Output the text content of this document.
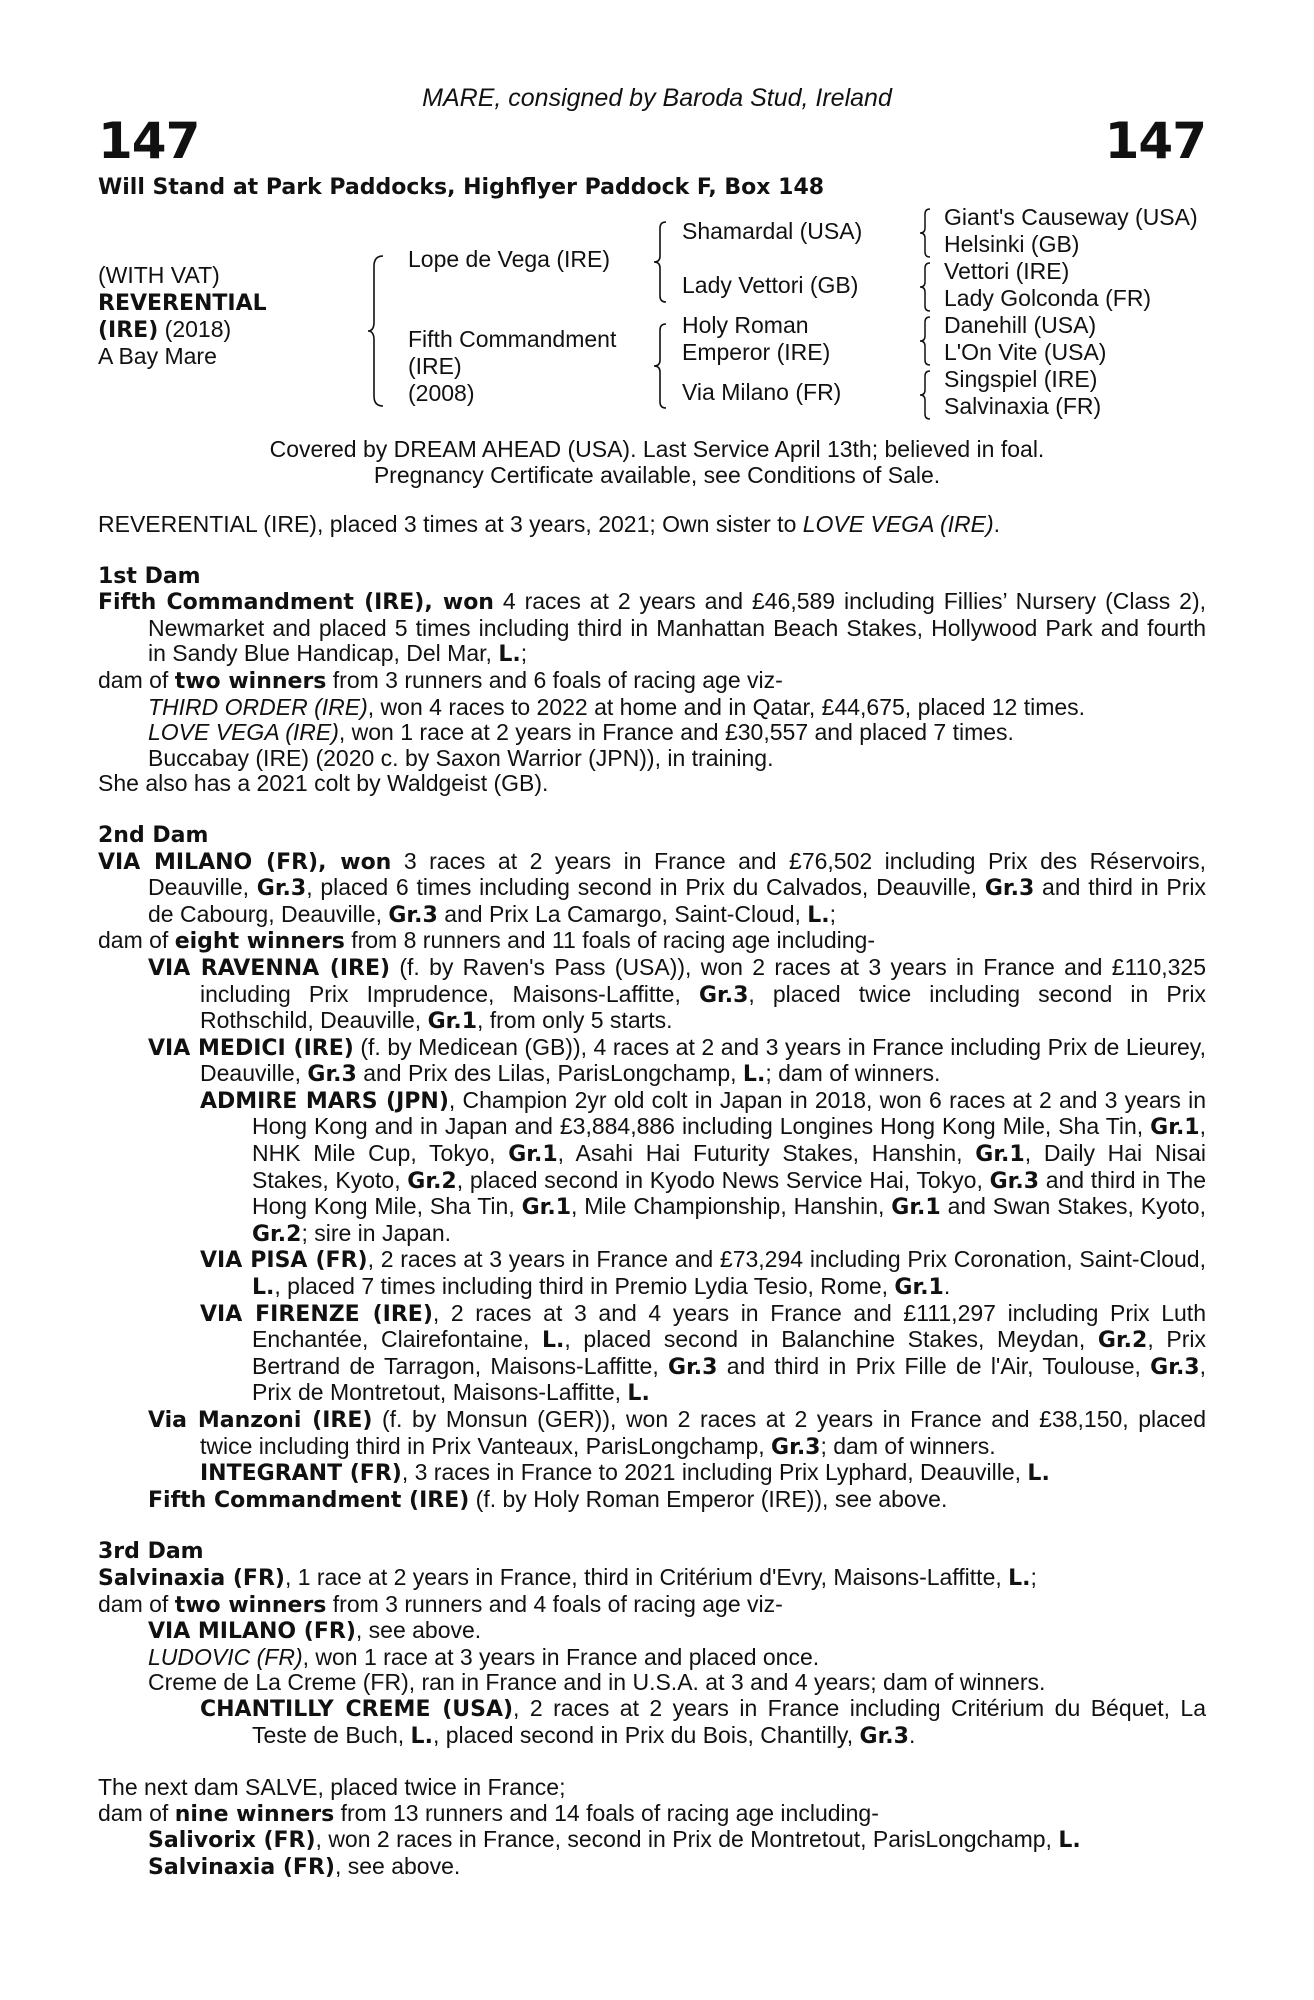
MARE, consigned by Baroda Stud, Ireland
147	147
Will Stand at Park Paddocks, Highflyer Paddock F, Box 148
(WITH VAT)
REVERENTIAL
(IRE) (2018)
A Bay Mare
Lope de Vega (IRE)
Fifth Commandment
(IRE)
(2008)
Shamardal (USA)
Lady Vettori (GB)
Holy Roman
Emperor (IRE)
Via Milano (FR)
Giant's Causeway (USA)
Helsinki (GB)
Vettori (IRE)
Lady Golconda (FR)
Danehill (USA)
L'On Vite (USA)
Singspiel (IRE)
Salvinaxia (FR)
Covered by DREAM AHEAD (USA). Last Service April 13th; believed in foal.
Pregnancy Certificate available, see Conditions of Sale.

REVERENTIAL (IRE), placed 3 times at 3 years, 2021; Own sister to LOVE VEGA (IRE).

1st Dam

Fifth Commandment (IRE), won 4 races at 2 years and £46,589 including Fillies’ Nursery (Class 2), Newmarket and placed 5 times including third in Manhattan Beach Stakes, Hollywood Park and fourth in Sandy Blue Handicap, Del Mar, L.;

dam of two winners from 3 runners and 6 foals of racing age viz-

THIRD ORDER (IRE), won 4 races to 2022 at home and in Qatar, £44,675, placed 12 times.

LOVE VEGA (IRE), won 1 race at 2 years in France and £30,557 and placed 7 times.

Buccabay (IRE) (2020 c. by Saxon Warrior (JPN)), in training.

She also has a 2021 colt by Waldgeist (GB).

2nd Dam

VIA MILANO (FR), won 3 races at 2 years in France and £76,502 including Prix des Réservoirs, Deauville, Gr.3, placed 6 times including second in Prix du Calvados, Deauville, Gr.3 and third in Prix de Cabourg, Deauville, Gr.3 and Prix La Camargo, Saint-Cloud, L.;

dam of eight winners from 8 runners and 11 foals of racing age including-

VIA RAVENNA (IRE) (f. by Raven's Pass (USA)), won 2 races at 3 years in France and £110,325 including Prix Imprudence, Maisons-Laffitte, Gr.3, placed twice including second in Prix Rothschild, Deauville, Gr.1, from only 5 starts.

VIA MEDICI (IRE) (f. by Medicean (GB)), 4 races at 2 and 3 years in France including Prix de Lieurey, Deauville, Gr.3 and Prix des Lilas, ParisLongchamp, L.; dam of winners.

ADMIRE MARS (JPN), Champion 2yr old colt in Japan in 2018, won 6 races at 2 and 3 years in Hong Kong and in Japan and £3,884,886 including Longines Hong Kong Mile, Sha Tin, Gr.1, NHK Mile Cup, Tokyo, Gr.1, Asahi Hai Futurity Stakes, Hanshin, Gr.1, Daily Hai Nisai Stakes, Kyoto, Gr.2, placed second in Kyodo News Service Hai, Tokyo, Gr.3 and third in The Hong Kong Mile, Sha Tin, Gr.1, Mile Championship, Hanshin, Gr.1 and Swan Stakes, Kyoto, Gr.2; sire in Japan.

VIA PISA (FR), 2 races at 3 years in France and £73,294 including Prix Coronation, Saint-Cloud, L., placed 7 times including third in Premio Lydia Tesio, Rome, Gr.1.

VIA FIRENZE (IRE), 2 races at 3 and 4 years in France and £111,297 including Prix Luth Enchantée, Clairefontaine, L., placed second in Balanchine Stakes, Meydan, Gr.2, Prix Bertrand de Tarragon, Maisons-Laffitte, Gr.3 and third in Prix Fille de l'Air, Toulouse, Gr.3, Prix de Montretout, Maisons-Laffitte, L.

Via Manzoni (IRE) (f. by Monsun (GER)), won 2 races at 2 years in France and £38,150, placed twice including third in Prix Vanteaux, ParisLongchamp, Gr.3; dam of winners.

INTEGRANT (FR), 3 races in France to 2021 including Prix Lyphard, Deauville, L.

Fifth Commandment (IRE) (f. by Holy Roman Emperor (IRE)), see above.

3rd Dam

Salvinaxia (FR), 1 race at 2 years in France, third in Critérium d'Evry, Maisons-Laffitte, L.;

dam of two winners from 3 runners and 4 foals of racing age viz-

VIA MILANO (FR), see above.

LUDOVIC (FR), won 1 race at 3 years in France and placed once.

Creme de La Creme (FR), ran in France and in U.S.A. at 3 and 4 years; dam of winners.

CHANTILLY CREME (USA), 2 races at 2 years in France including Critérium du Béquet, La Teste de Buch, L., placed second in Prix du Bois, Chantilly, Gr.3.

The next dam SALVE, placed twice in France;

dam of nine winners from 13 runners and 14 foals of racing age including-

Salivorix (FR), won 2 races in France, second in Prix de Montretout, ParisLongchamp, L.

Salvinaxia (FR), see above.
